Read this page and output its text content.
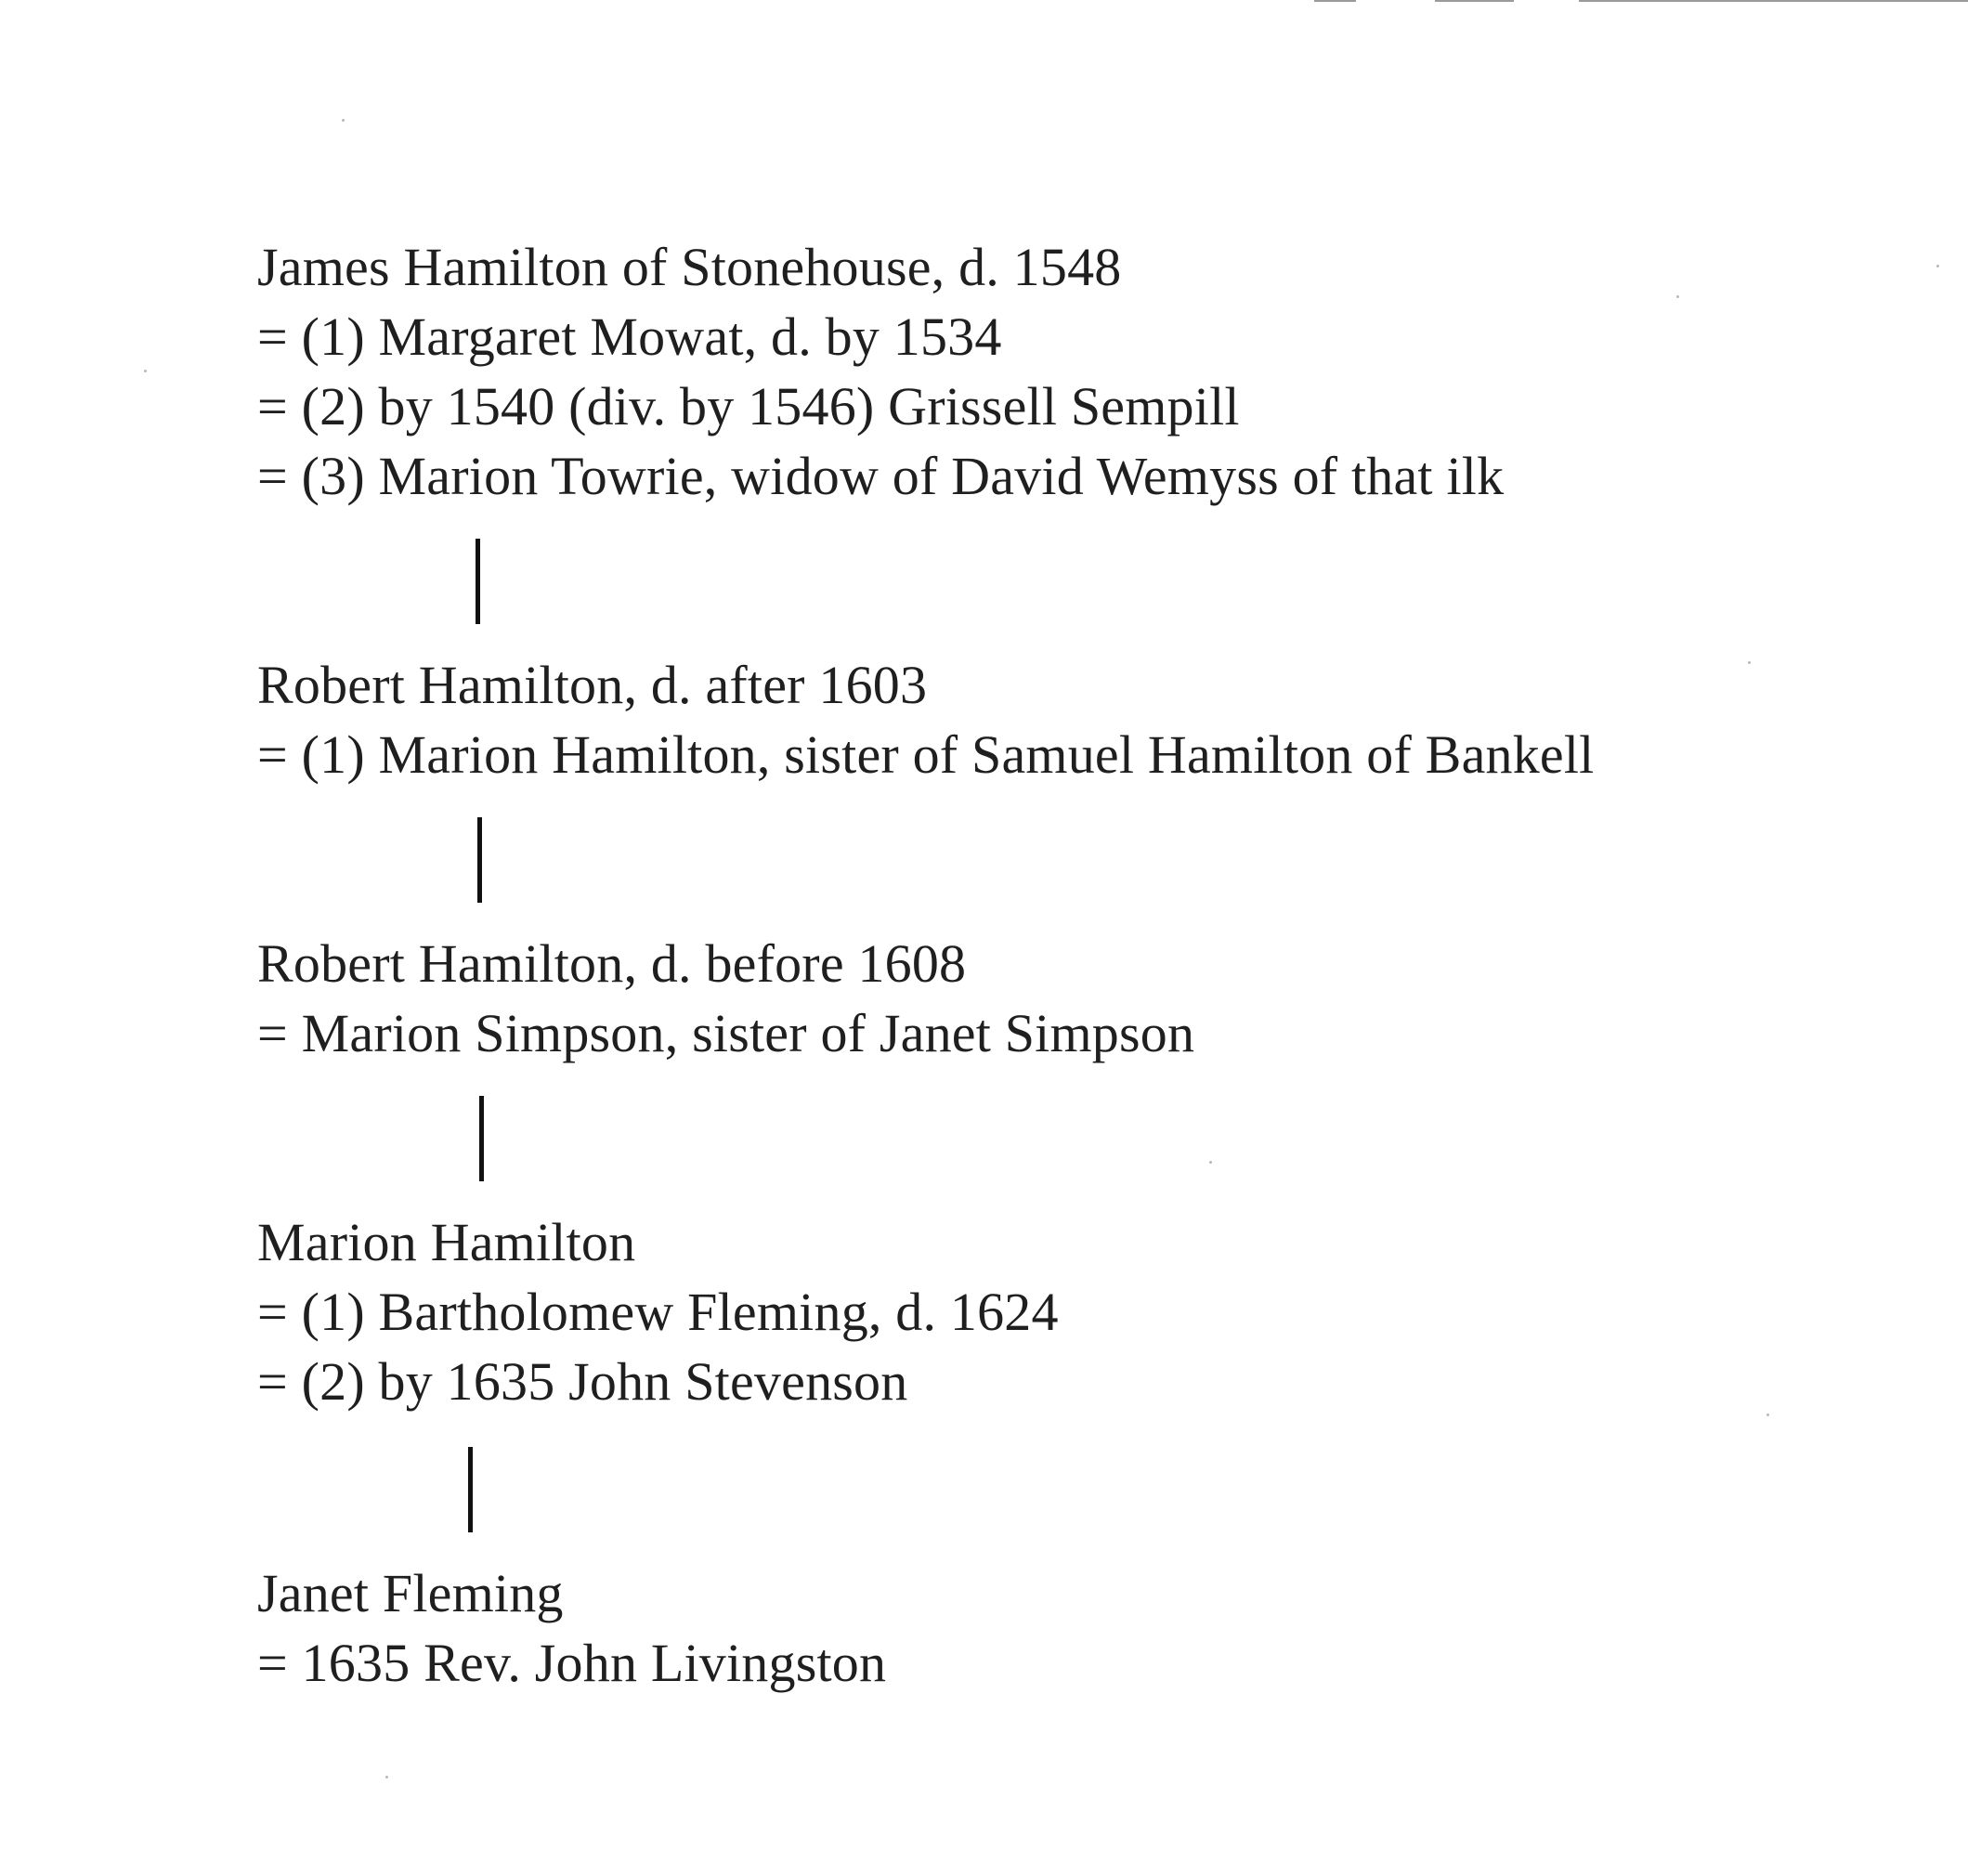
James Hamilton of Stonehouse, d. 1548
= (1) Margaret Mowat, d. by 1534
= (2) by 1540 (div. by 1546) Grissell Sempill
= (3) Marion Towrie, widow of David Wemyss of that ilk
Robert Hamilton, d. after 1603
= (1) Marion Hamilton, sister of Samuel Hamilton of Bankell
Robert Hamilton, d. before 1608
= Marion Simpson, sister of Janet Simpson
Marion Hamilton
= (1) Bartholomew Fleming, d. 1624
= (2) by 1635 John Stevenson
Janet Fleming
= 1635 Rev. John Livingston
